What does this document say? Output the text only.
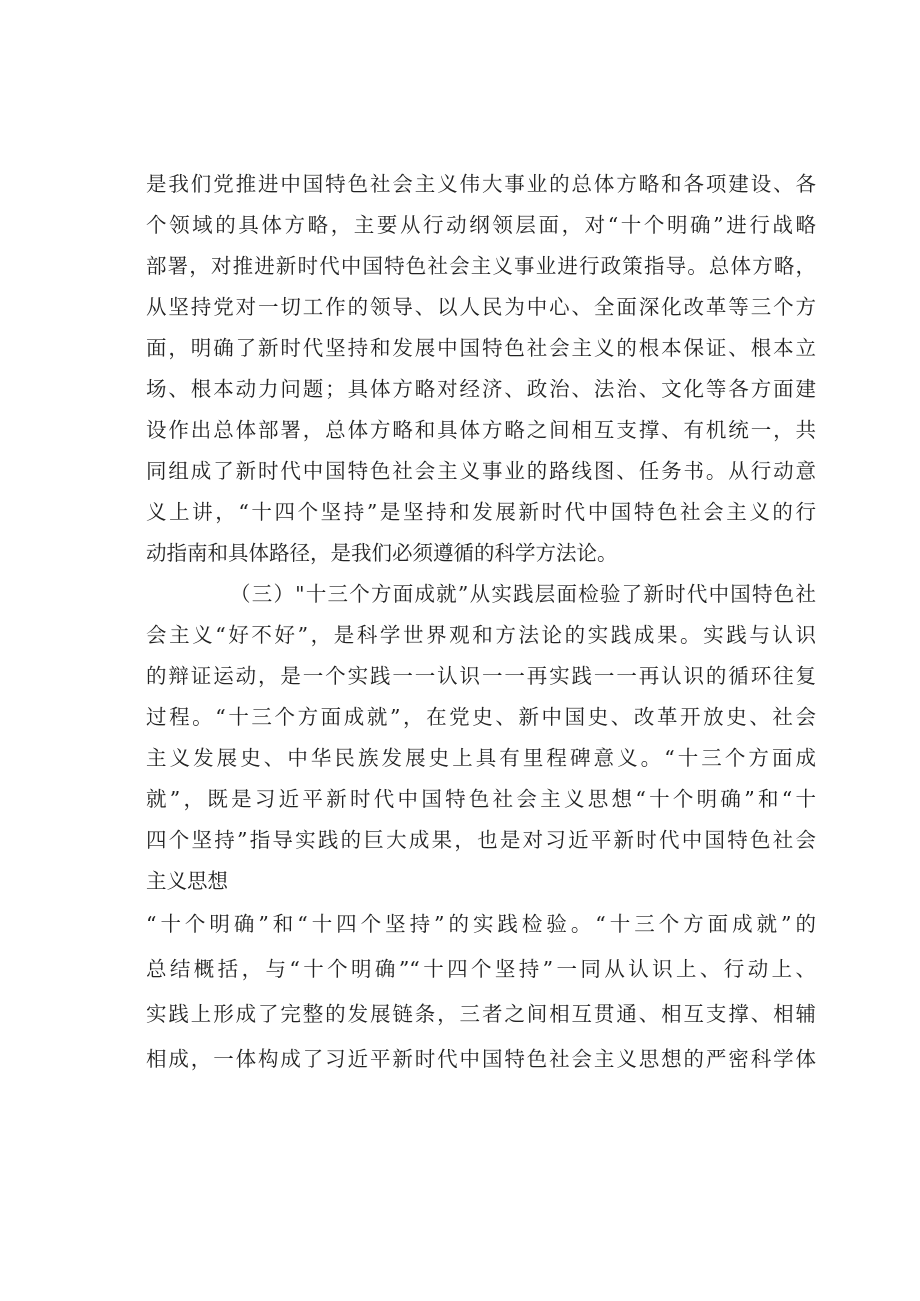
是我们党推进中国特色社会主义伟大事业的总体方略和各项建设、各
个领域的具体方略，主要从行动纲领层面，对“十个明确”进行战略
部署，对推进新时代中国特色社会主义事业进行政策指导。总体方略，
从坚持党对一切工作的领导、以人民为中心、全面深化改革等三个方
面，明确了新时代坚持和发展中国特色社会主义的根本保证、根本立
场、根本动力问题；具体方略对经济、政治、法治、文化等各方面建
设作出总体部署，总体方略和具体方略之间相互支撑、有机统一，共
同组成了新时代中国特色社会主义事业的路线图、任务书。从行动意
义上讲，“十四个坚持”是坚持和发展新时代中国特色社会主义的行
动指南和具体路径，是我们必须遵循的科学方法论。
（三）"十三个方面成就”从实践层面检验了新时代中国特色社
会主义“好不好”，是科学世界观和方法论的实践成果。实践与认识
的辩证运动，是一个实践一一认识一一再实践一一再认识的循环往复
过程。“十三个方面成就”，在党史、新中国史、改革开放史、社会
主义发展史、中华民族发展史上具有里程碑意义。“十三个方面成
就”，既是习近平新时代中国特色社会主义思想“十个明确”和“十
四个坚持”指导实践的巨大成果，也是对习近平新时代中国特色社会
主义思想
“十个明确”和“十四个坚持”的实践检验。“十三个方面成就”的
总结概括，与“十个明确”“十四个坚持”一同从认识上、行动上、
实践上形成了完整的发展链条，三者之间相互贯通、相互支撑、相辅
相成，一体构成了习近平新时代中国特色社会主义思想的严密科学体
